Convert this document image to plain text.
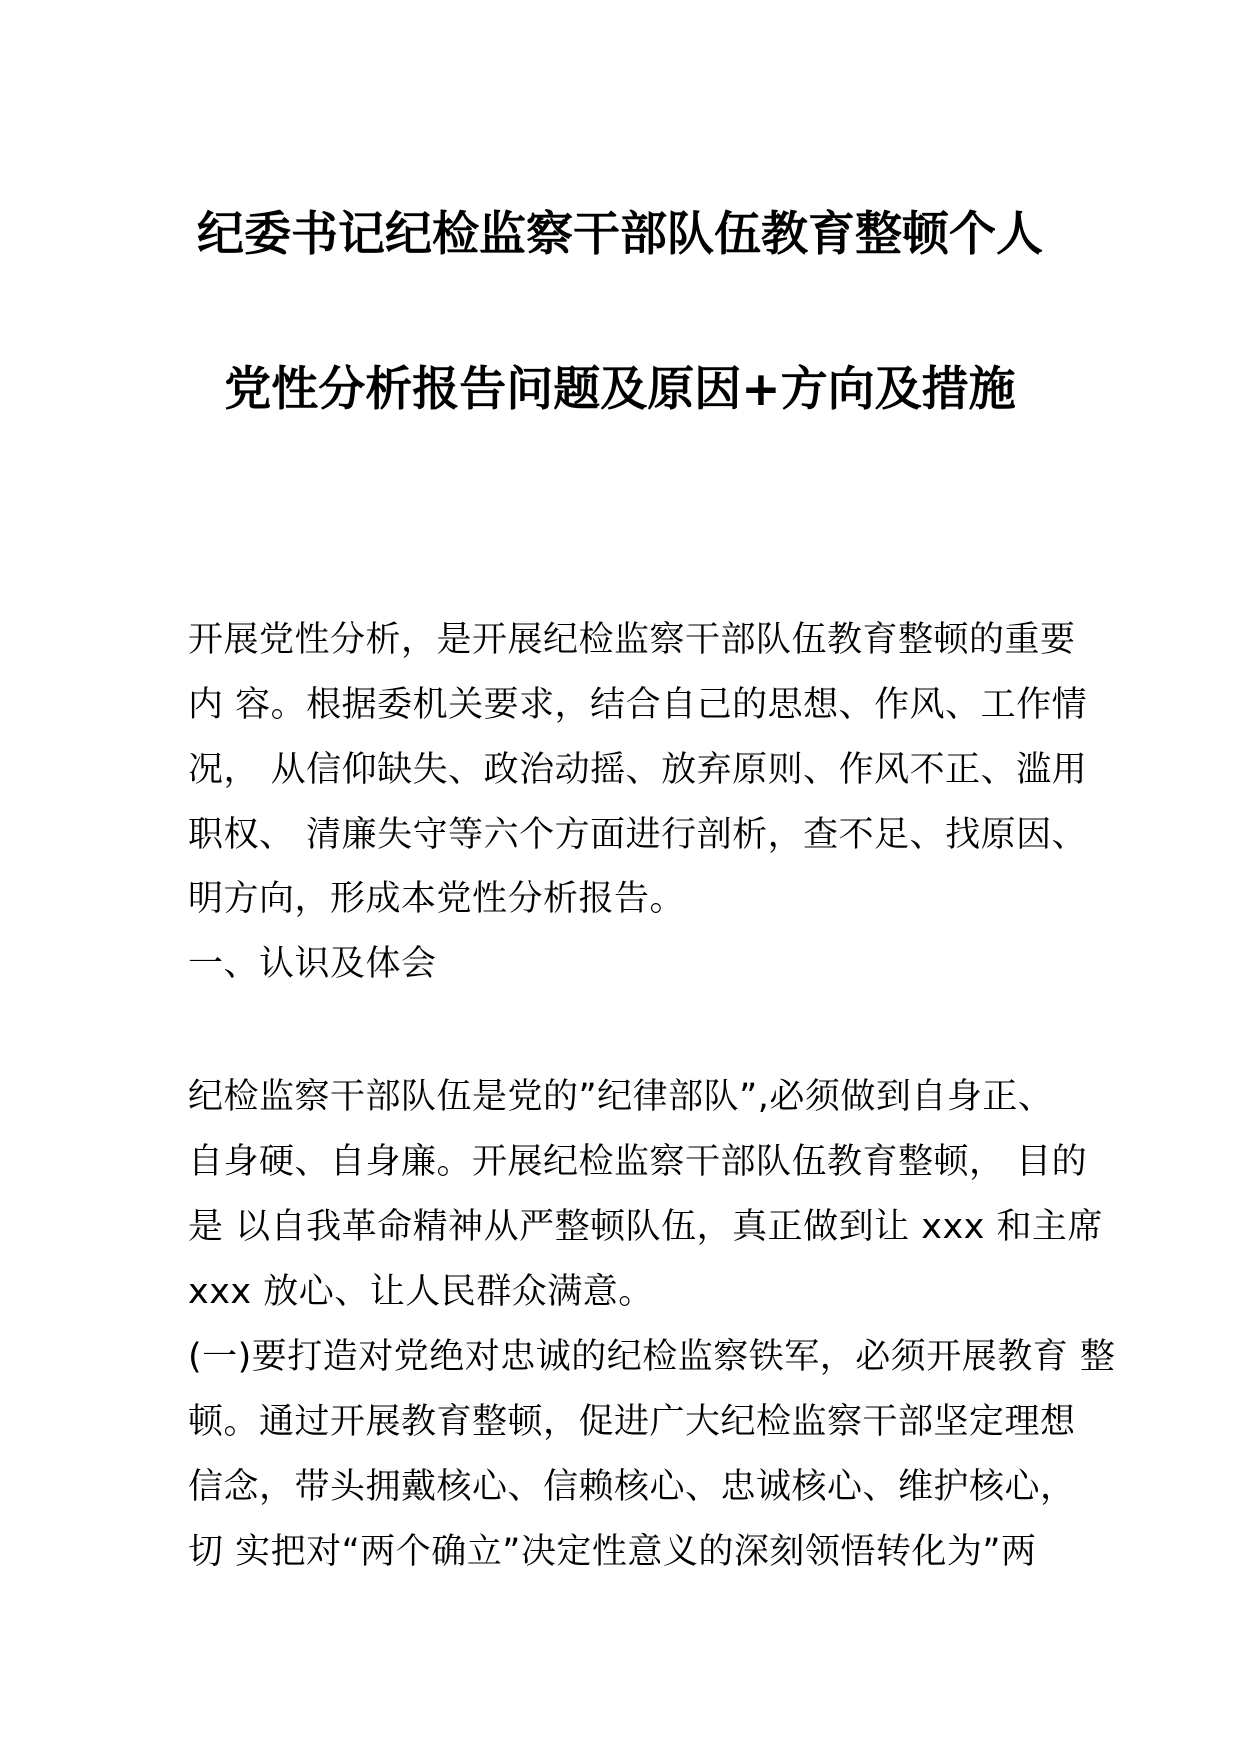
纪委书记纪检监察干部队伍教育整顿个人
党性分析报告问题及原因+方向及措施
开展党性分析，是开展纪检监察干部队伍教育整顿的重要
内 容。根据委机关要求，结合自己的思想、作风、工作情
况， 从信仰缺失、政治动摇、放弃原则、作风不正、滥用
职权、 清廉失守等六个方面进行剖析，查不足、找原因、
明方向，形成本党性分析报告。
一、认识及体会
纪检监察干部队伍是党的”纪律部队”,必须做到自身正、
自身硬、自身廉。开展纪检监察干部队伍教育整顿， 目的
是 以自我革命精神从严整顿队伍，真正做到让 xxx 和主席
xxx 放心、让人民群众满意。
(一)要打造对党绝对忠诚的纪检监察铁军，必须开展教育 整
顿。通过开展教育整顿，促进广大纪检监察干部坚定理想
信念，带头拥戴核心、信赖核心、忠诚核心、维护核心，
切 实把对“两个确立”决定性意义的深刻领悟转化为”两
